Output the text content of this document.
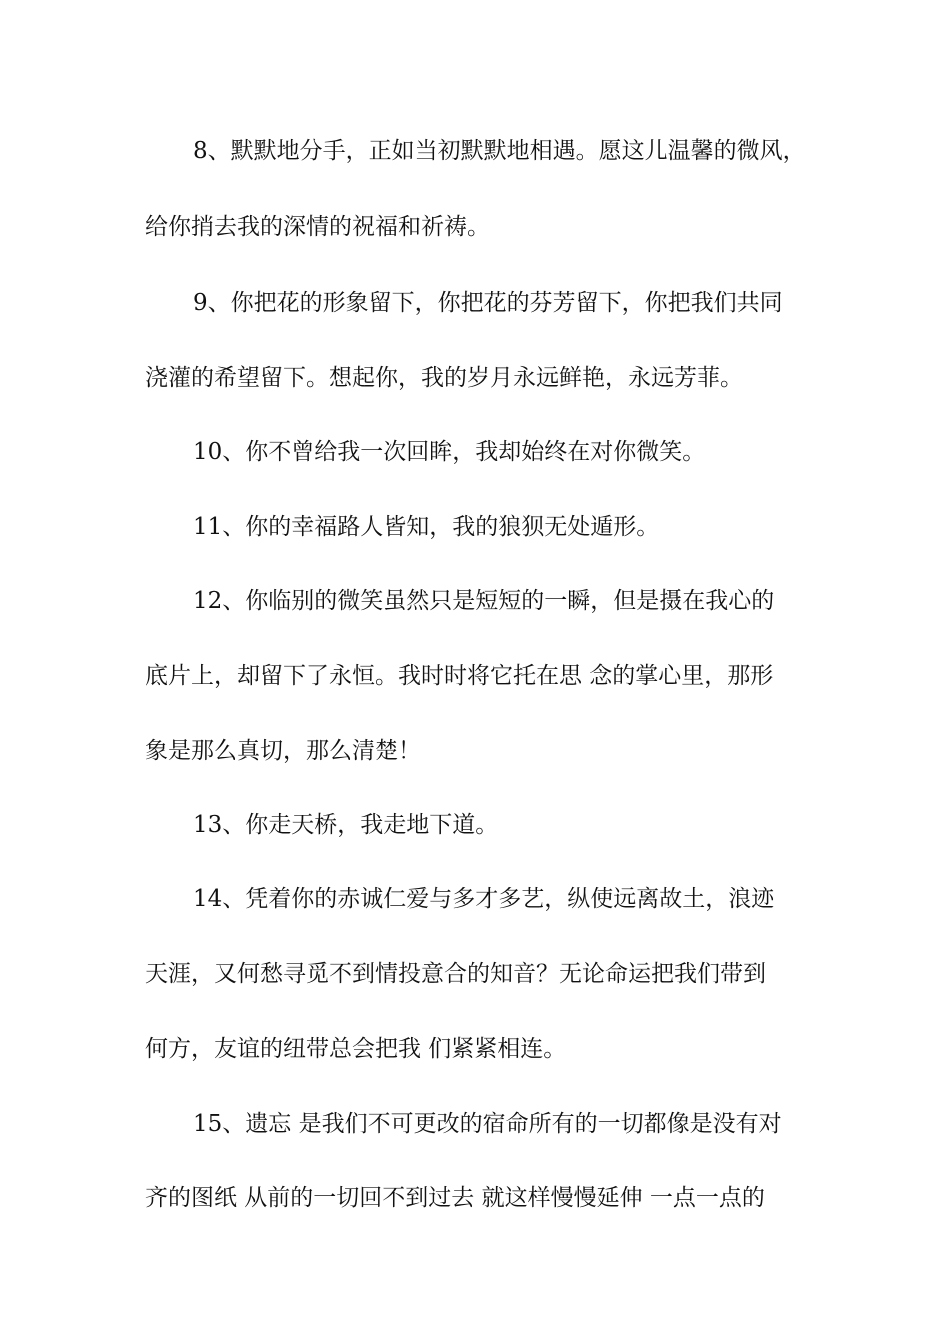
8、默默地分手，正如当初默默地相遇。愿这儿温馨的微风，
给你捎去我的深情的祝福和祈祷。
9、你把花的形象留下，你把花的芬芳留下，你把我们共同
浇灌的希望留下。想起你，我的岁月永远鲜艳，永远芳菲。
10、你不曾给我一次回眸，我却始终在对你微笑。
11、你的幸福路人皆知，我的狼狈无处遁形。
12、你临别的微笑虽然只是短短的一瞬，但是摄在我心的
底片上，却留下了永恒。我时时将它托在思 念的掌心里，那形
象是那么真切，那么清楚！
13、你走天桥，我走地下道。
14、凭着你的赤诚仁爱与多才多艺，纵使远离故土，浪迹
天涯，又何愁寻觅不到情投意合的知音？无论命运把我们带到
何方，友谊的纽带总会把我 们紧紧相连。
15、遗忘 是我们不可更改的宿命所有的一切都像是没有对
齐的图纸 从前的一切回不到过去 就这样慢慢延伸 一点一点的
